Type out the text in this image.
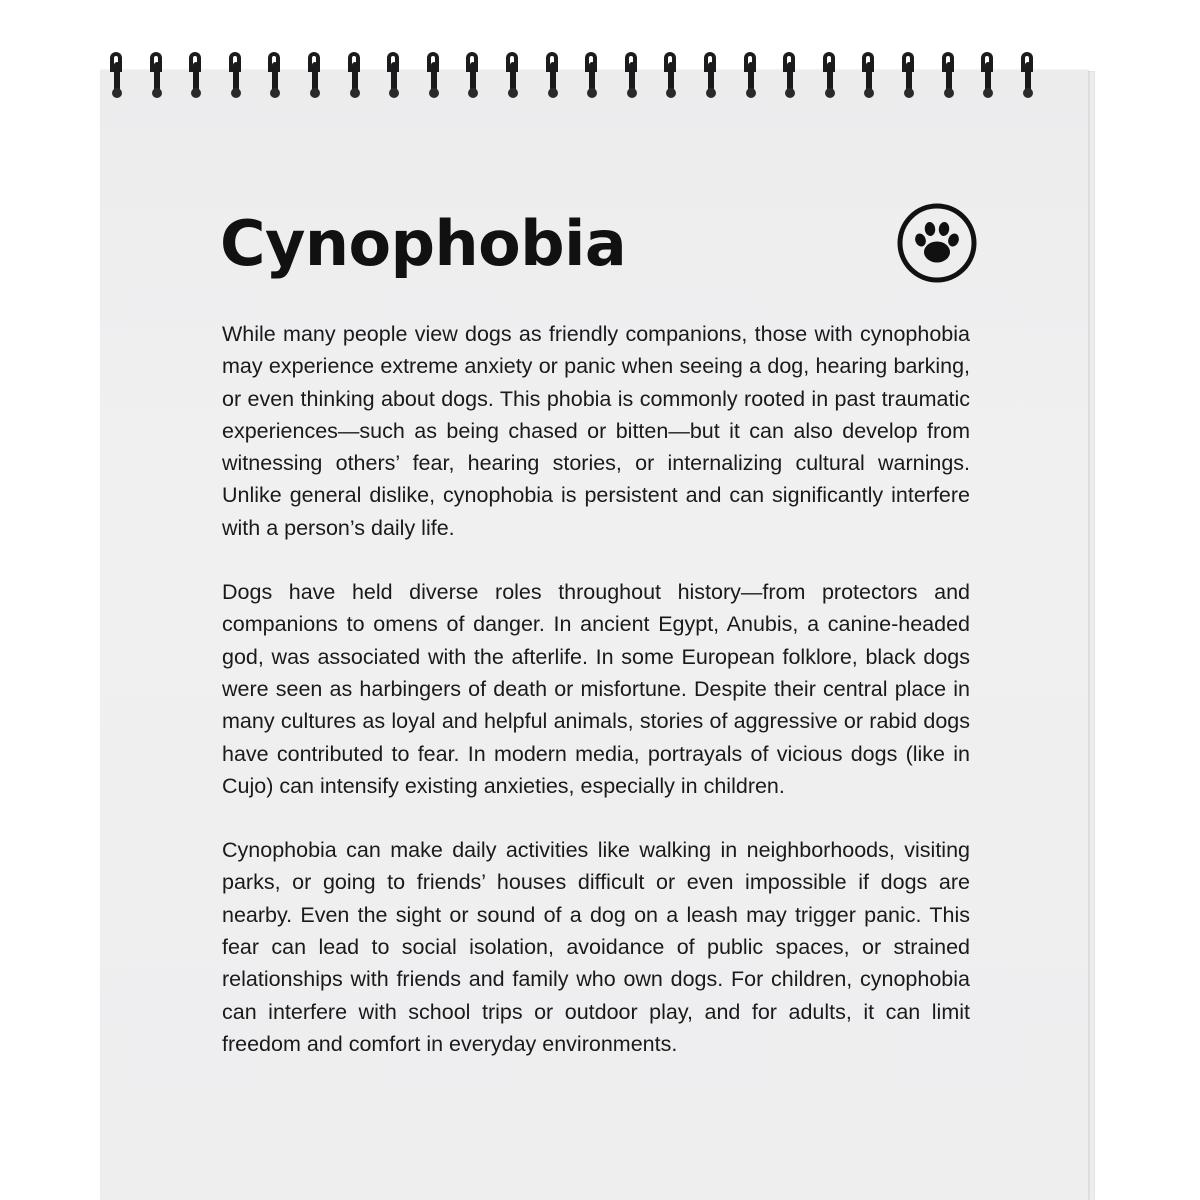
Cynophobia

While many people view dogs as friendly companions, those with cynophobia may experience extreme anxiety or panic when seeing a dog, hearing barking, or even thinking about dogs. This phobia is commonly rooted in past traumatic experiences—such as being chased or bitten—but it can also develop from witnessing others’ fear, hearing stories, or internalizing cultural warnings. Unlike general dislike, cynophobia is persistent and can significantly interfere with a person’s daily life.

Dogs have held diverse roles throughout history—from protectors and companions to omens of danger. In ancient Egypt, Anubis, a canine-headed god, was associated with the afterlife. In some European folklore, black dogs were seen as harbingers of death or misfortune. Despite their central place in many cultures as loyal and helpful animals, stories of aggressive or rabid dogs have contributed to fear. In modern media, portrayals of vicious dogs (like in Cujo) can intensify existing anxieties, especially in children.

Cynophobia can make daily activities like walking in neighborhoods, visiting parks, or going to friends’ houses difficult or even impossible if dogs are nearby. Even the sight or sound of a dog on a leash may trigger panic. This fear can lead to social isolation, avoidance of public spaces, or strained relationships with friends and family who own dogs. For children, cynophobia can interfere with school trips or outdoor play, and for adults, it can limit freedom and comfort in everyday environments.
